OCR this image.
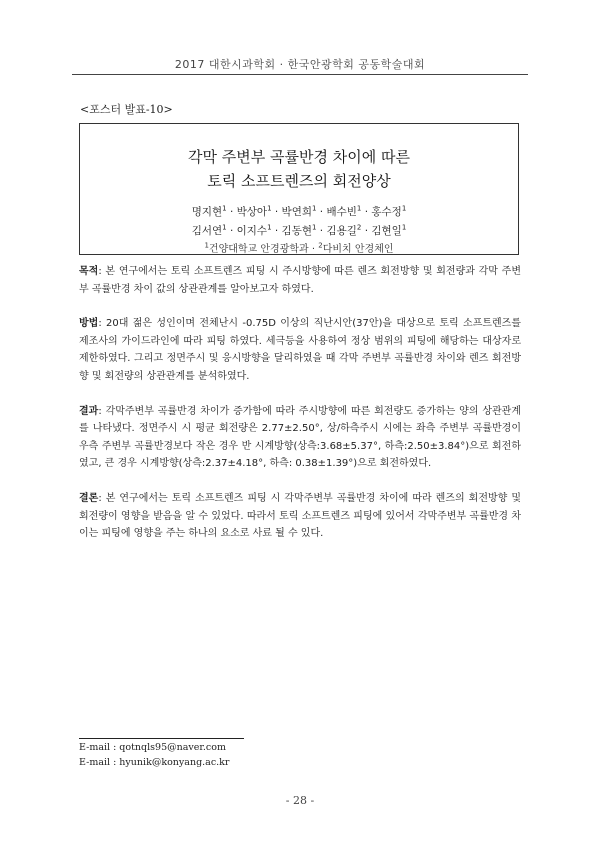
2017 대한시과학회 · 한국안광학회 공동학술대회
<포스터 발표-10>
각막 주변부 곡률반경 차이에 따른
토릭 소프트렌즈의 회전양상
명지현$^1$ · 박상아$^1$ · 박연희$^1$ · 배수빈$^1$ · 홍수정$^1$
김서연$^1$ · 이지수$^1$ · 김동현$^1$ · 김용길$^2$ · 김현일$^1$
$^1$건양대학교 안경광학과 · $^2$다비치 안경체인

목적: 본 연구에서는 토릭 소프트렌즈 피팅 시 주시방향에 따른 렌즈 회전방향 및 회전량과 각막 주변부 곡률반경 차이 값의 상관관계를 알아보고자 하였다.

방법: 20대 젊은 성인이며 전체난시 -0.75D 이상의 직난시안(37안)을 대상으로 토릭 소프트렌즈를 제조사의 가이드라인에 따라 피팅 하였다. 세극등을 사용하여 정상 범위의 피팅에 해당하는 대상자로 제한하였다. 그리고 정면주시 및 응시방향을 달리하였을 때 각막 주변부 곡률반경 차이와 렌즈 회전방향 및 회전량의 상관관계를 분석하였다.

결과: 각막주변부 곡률반경 차이가 증가함에 따라 주시방향에 따른 회전량도 증가하는 양의 상관관계를 나타냈다. 정면주시 시 평균 회전량은 2.77±2.50°, 상/하측주시 시에는 좌측 주변부 곡률반경이 우측 주변부 곡률반경보다 작은 경우 반 시계방향(상측:3.68±5.37°, 하측:2.50±3.84°)으로 회전하였고, 큰 경우 시계방향(상측:2.37±4.18°, 하측: 0.38±1.39°)으로 회전하였다.

결론: 본 연구에서는 토릭 소프트렌즈 피팅 시 각막주변부 곡률반경 차이에 따라 렌즈의 회전방향 및 회전량이 영향을 받음을 알 수 있었다. 따라서 토릭 소프트렌즈 피팅에 있어서 각막주변부 곡률반경 차이는 피팅에 영향을 주는 하나의 요소로 사료 될 수 있다.

E-mail : qotnqls95@naver.com
E-mail : hyunik@konyang.ac.kr
- 28 -
